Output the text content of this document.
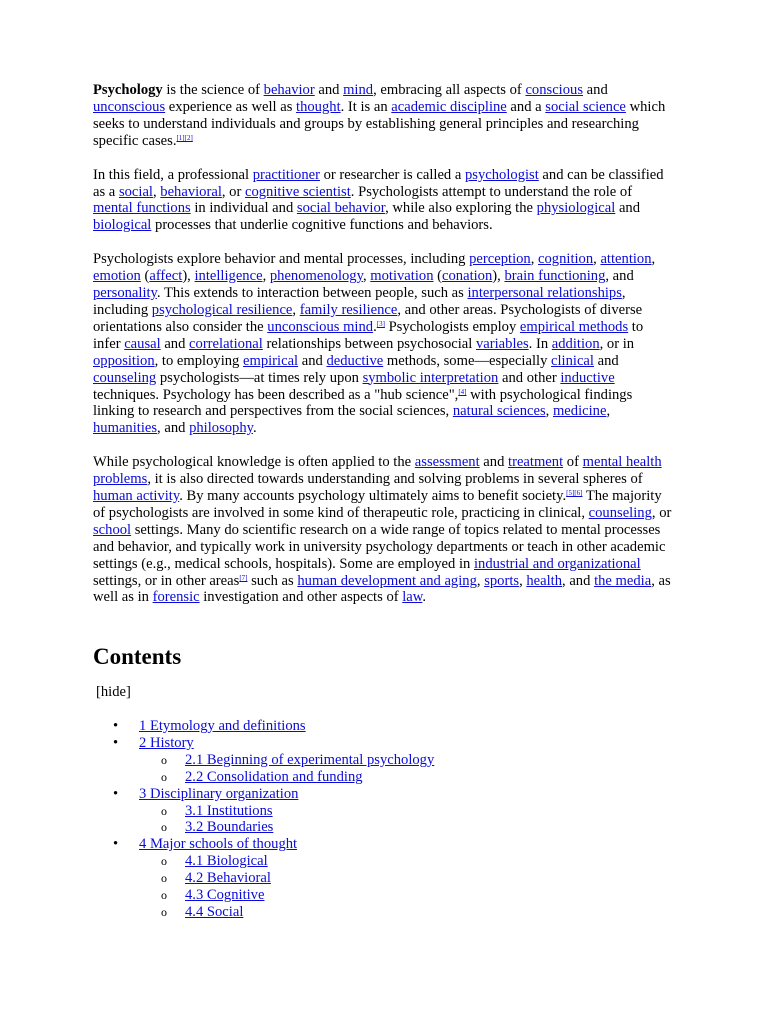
Psychology is the science of behavior and mind, embracing all aspects of conscious and unconscious experience as well as thought. It is an academic discipline and a social science which seeks to understand individuals and groups by establishing general principles and researching specific cases.[1][2]

In this field, a professional practitioner or researcher is called a psychologist and can be classified as a social, behavioral, or cognitive scientist. Psychologists attempt to understand the role of mental functions in individual and social behavior, while also exploring the physiological and biological processes that underlie cognitive functions and behaviors.

Psychologists explore behavior and mental processes, including perception, cognition, attention, emotion (affect), intelligence, phenomenology, motivation (conation), brain functioning, and personality. This extends to interaction between people, such as interpersonal relationships, including psychological resilience, family resilience, and other areas. Psychologists of diverse orientations also consider the unconscious mind.[3] Psychologists employ empirical methods to infer causal and correlational relationships between psychosocial variables. In addition, or in opposition, to employing empirical and deductive methods, some—especially clinical and counseling psychologists—at times rely upon symbolic interpretation and other inductive techniques. Psychology has been described as a "hub science",[4] with psychological findings linking to research and perspectives from the social sciences, natural sciences, medicine, humanities, and philosophy.

While psychological knowledge is often applied to the assessment and treatment of mental health problems, it is also directed towards understanding and solving problems in several spheres of human activity. By many accounts psychology ultimately aims to benefit society.[5][6] The majority of psychologists are involved in some kind of therapeutic role, practicing in clinical, counseling, or school settings. Many do scientific research on a wide range of topics related to mental processes and behavior, and typically work in university psychology departments or teach in other academic settings (e.g., medical schools, hospitals). Some are employed in industrial and organizational settings, or in other areas[7] such as human development and aging, sports, health, and the media, as well as in forensic investigation and other aspects of law.

Contents
[hide]
• 1 Etymology and definitions
• 2 History
o 2.1 Beginning of experimental psychology
o 2.2 Consolidation and funding
• 3 Disciplinary organization
o 3.1 Institutions
o 3.2 Boundaries
• 4 Major schools of thought
o 4.1 Biological
o 4.2 Behavioral
o 4.3 Cognitive
o 4.4 Social
